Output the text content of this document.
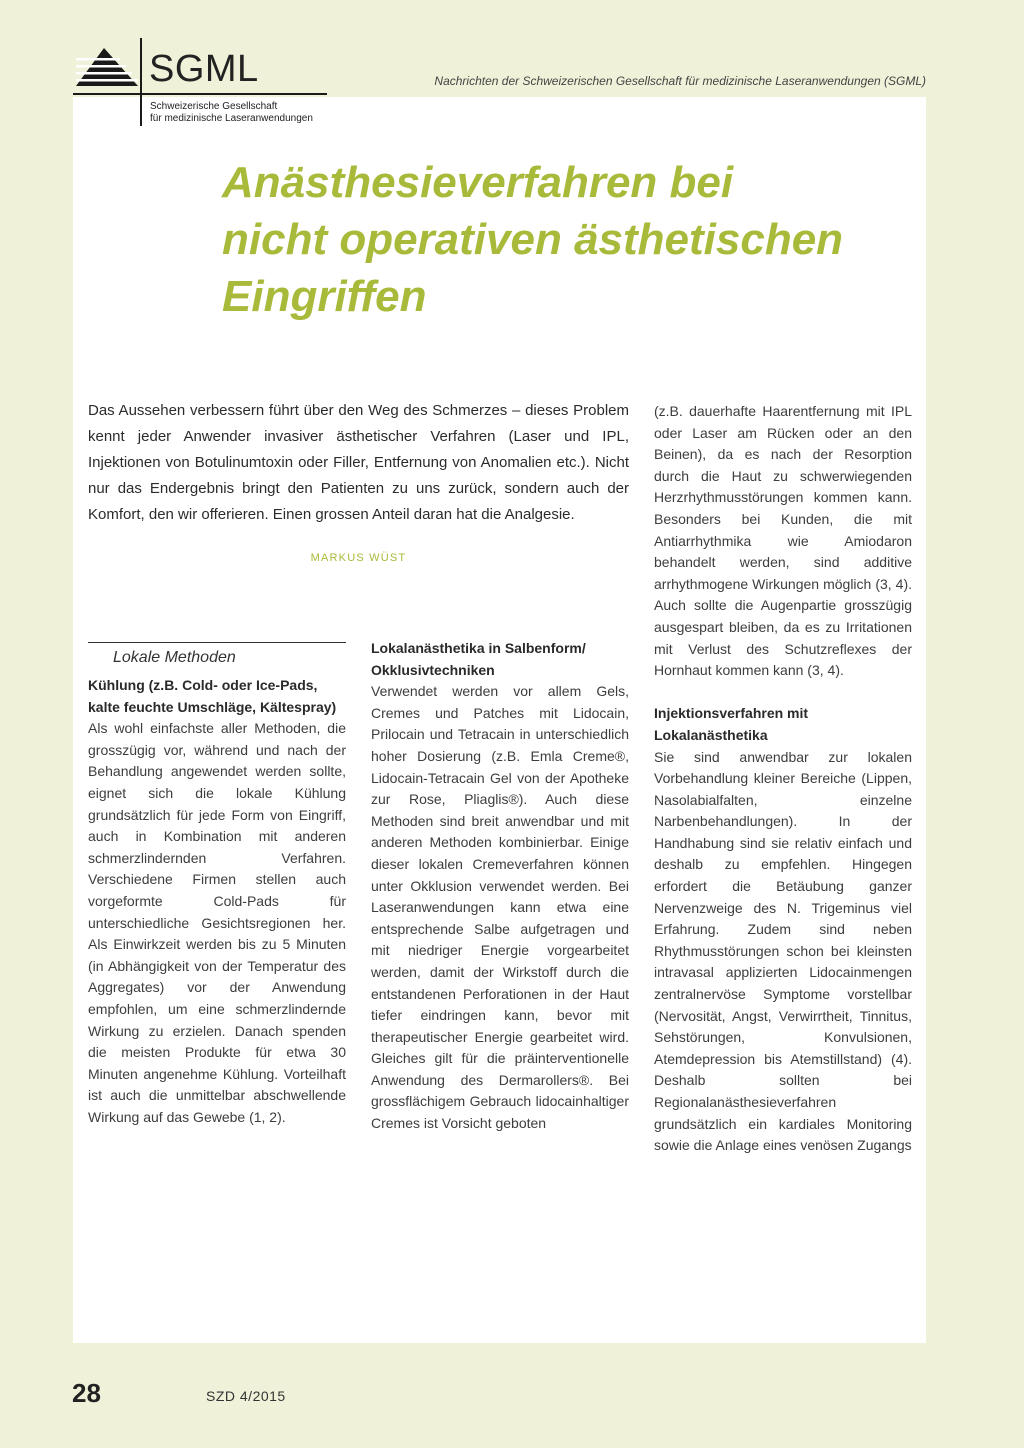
SGML
Schweizerische Gesellschaft
für medizinische Laseranwendungen
Nachrichten der Schweizerischen Gesellschaft für medizinische Laseranwendungen (SGML)
Anästhesieverfahren bei
nicht operativen ästhetischen
Eingriffen

Das Aussehen verbessern führt über den Weg des Schmerzes – dieses Problem kennt jeder Anwender invasiver ästhetischer Verfahren (Laser und IPL, Injektionen von Botulinumtoxin oder Filler, Entfernung von Anomalien etc.). Nicht nur das Endergebnis bringt den Patienten zu uns zurück, sondern auch der Komfort, den wir offerieren. Einen grossen Anteil daran hat die Analgesie.

MARKUS WÜST
Lokale Methoden
Kühlung (z.B. Cold- oder Ice-Pads, kalte feuchte Umschläge, Kältespray)

Als wohl einfachste aller Methoden, die grosszügig vor, während und nach der Behandlung angewendet werden sollte, eignet sich die lokale Kühlung grundsätzlich für jede Form von Eingriff, auch in Kombination mit anderen schmerzlindernden Verfahren. Verschiedene Firmen stellen auch vorgeformte Cold-Pads für unterschiedliche Gesichtsregionen her. Als Einwirkzeit werden bis zu 5 Minuten (in Abhängigkeit von der Temperatur des Aggregates) vor der Anwendung empfohlen, um eine schmerzlindernde Wirkung zu erzielen. Danach spenden die meisten Produkte für etwa 30 Minuten angenehme Kühlung. Vorteilhaft ist auch die unmittelbar abschwellende Wirkung auf das Gewebe (1, 2).

Lokalanästhetika in Salbenform/ Okklusivtechniken

Verwendet werden vor allem Gels, Cremes und Patches mit Lidocain, Prilocain und Tetracain in unterschiedlich hoher Dosierung (z.B. Emla Creme®, Lidocain-Tetracain Gel von der Apotheke zur Rose, Pliaglis®). Auch diese Methoden sind breit anwendbar und mit anderen Methoden kombinierbar. Einige dieser lokalen Cremeverfahren können unter Okklusion verwendet werden. Bei Laseranwendungen kann etwa eine entsprechende Salbe aufgetragen und mit niedriger Energie vorgearbeitet werden, damit der Wirkstoff durch die entstandenen Perforationen in der Haut tiefer eindringen kann, bevor mit therapeutischer Energie gearbeitet wird. Gleiches gilt für die präinterventionelle Anwendung des Dermarollers®. Bei grossflächigem Gebrauch lidocainhaltiger Cremes ist Vorsicht geboten

(z.B. dauerhafte Haarentfernung mit IPL oder Laser am Rücken oder an den Beinen), da es nach der Resorption durch die Haut zu schwerwiegenden Herzrhythmusstörungen kommen kann. Besonders bei Kunden, die mit Antiarrhythmika wie Amiodaron behandelt werden, sind additive arrhythmogene Wirkungen möglich (3, 4). Auch sollte die Augenpartie grosszügig ausgespart bleiben, da es zu Irritationen mit Verlust des Schutzreflexes der Hornhaut kommen kann (3, 4).

Injektionsverfahren mit Lokalanästhetika

Sie sind anwendbar zur lokalen Vorbehandlung kleiner Bereiche (Lippen, Nasolabialfalten, einzelne Narbenbehandlungen). In der Handhabung sind sie relativ einfach und deshalb zu empfehlen. Hingegen erfordert die Betäubung ganzer Nervenzweige des N. Trigeminus viel Erfahrung. Zudem sind neben Rhythmusstörungen schon bei kleinsten intravasal applizierten Lidocainmengen zentralnervöse Symptome vorstellbar (Nervosität, Angst, Verwirrtheit, Tinnitus, Sehstörungen, Konvulsionen, Atemdepression bis Atemstillstand) (4). Deshalb sollten bei Regionalanästhesieverfahren grundsätzlich ein kardiales Monitoring sowie die Anlage eines venösen Zugangs

28	SZD 4/2015
